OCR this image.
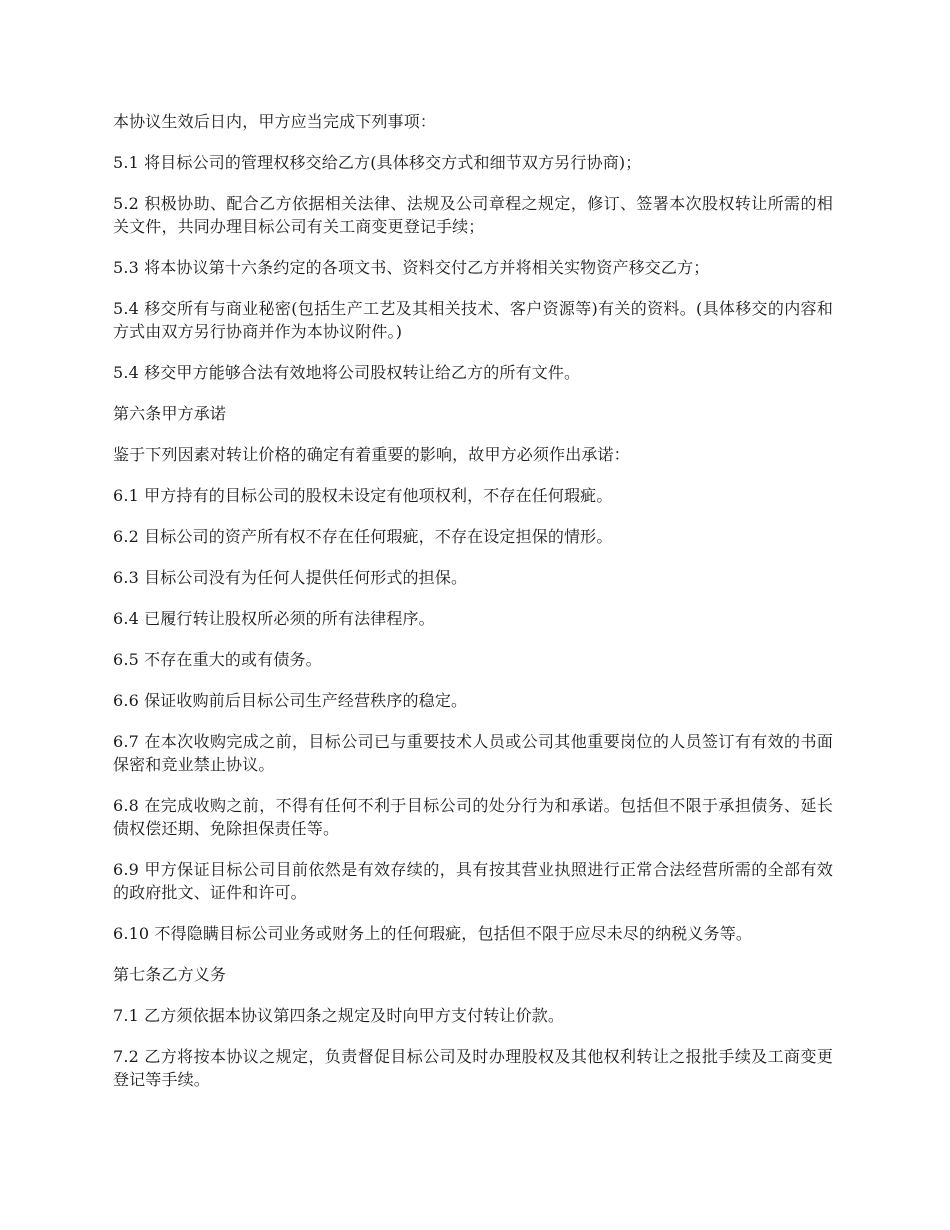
本协议生效后日内，甲方应当完成下列事项：

5.1 将目标公司的管理权移交给乙方(具体移交方式和细节双方另行协商)；

5.2 积极协助、配合乙方依据相关法律、法规及公司章程之规定，修订、签署本次股权转让所需的相关文件，共同办理目标公司有关工商变更登记手续；

5.3 将本协议第十六条约定的各项文书、资料交付乙方并将相关实物资产移交乙方；

5.4 移交所有与商业秘密(包括生产工艺及其相关技术、客户资源等)有关的资料。(具体移交的内容和方式由双方另行协商并作为本协议附件。)

5.4 移交甲方能够合法有效地将公司股权转让给乙方的所有文件。

第六条甲方承诺

鉴于下列因素对转让价格的确定有着重要的影响，故甲方必须作出承诺：

6.1 甲方持有的目标公司的股权未设定有他项权利，不存在任何瑕疵。

6.2 目标公司的资产所有权不存在任何瑕疵，不存在设定担保的情形。

6.3 目标公司没有为任何人提供任何形式的担保。

6.4 已履行转让股权所必须的所有法律程序。

6.5 不存在重大的或有债务。

6.6 保证收购前后目标公司生产经营秩序的稳定。

6.7 在本次收购完成之前，目标公司已与重要技术人员或公司其他重要岗位的人员签订有有效的书面保密和竞业禁止协议。

6.8 在完成收购之前，不得有任何不利于目标公司的处分行为和承诺。包括但不限于承担债务、延长债权偿还期、免除担保责任等。

6.9 甲方保证目标公司目前依然是有效存续的，具有按其营业执照进行正常合法经营所需的全部有效的政府批文、证件和许可。

6.10 不得隐瞒目标公司业务或财务上的任何瑕疵，包括但不限于应尽未尽的纳税义务等。

第七条乙方义务

7.1 乙方须依据本协议第四条之规定及时向甲方支付转让价款。

7.2 乙方将按本协议之规定，负责督促目标公司及时办理股权及其他权利转让之报批手续及工商变更登记等手续。
